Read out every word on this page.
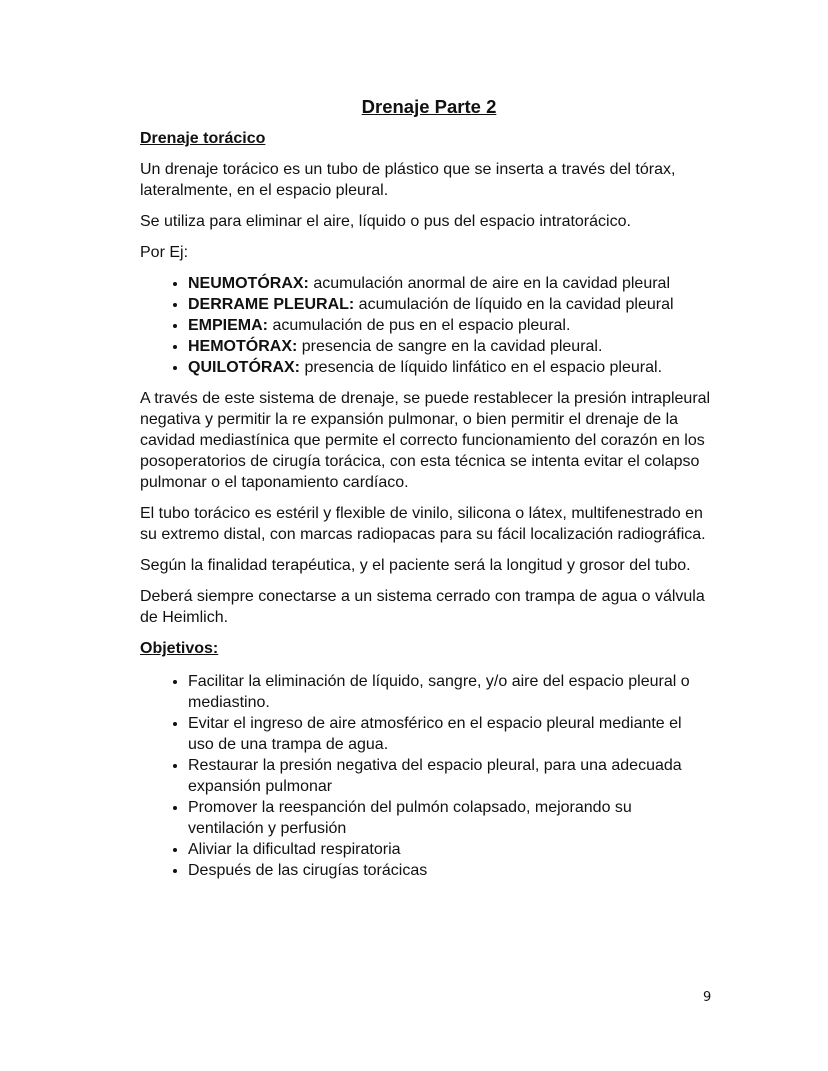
Drenaje Parte 2
Drenaje torácico

Un drenaje torácico es un tubo de plástico que se inserta a través del tórax, lateralmente, en el espacio pleural.

Se utiliza para eliminar el aire, líquido o pus del espacio intratorácico.

Por Ej:

• NEUMOTÓRAX: acumulación anormal de aire en la cavidad pleural
• DERRAME PLEURAL: acumulación de líquido en la cavidad pleural
• EMPIEMA: acumulación de pus en el espacio pleural.
• HEMOTÓRAX: presencia de sangre en la cavidad pleural.
• QUILOTÓRAX: presencia de líquido linfático en el espacio pleural.

A través de este sistema de drenaje, se puede restablecer la presión intrapleural negativa y permitir la re expansión pulmonar, o bien permitir el drenaje de la cavidad mediastínica que permite el correcto funcionamiento del corazón en los posoperatorios de cirugía torácica, con esta técnica se intenta evitar el colapso pulmonar o el taponamiento cardíaco.

El tubo torácico es estéril y flexible de vinilo, silicona o látex, multifenestrado en su extremo distal, con marcas radiopacas para su fácil localización radiográfica.

Según la finalidad terapéutica, y el paciente será la longitud y grosor del tubo.

Deberá siempre conectarse a un sistema cerrado con trampa de agua o válvula de Heimlich.

Objetivos:
• Facilitar la eliminación de líquido, sangre, y/o aire del espacio pleural o mediastino.
• Evitar el ingreso de aire atmosférico en el espacio pleural mediante el uso de una trampa de agua.
• Restaurar la presión negativa del espacio pleural, para una adecuada expansión pulmonar
• Promover la reespanción del pulmón colapsado, mejorando su ventilación y perfusión
• Aliviar la dificultad respiratoria
• Después de las cirugías torácicas
9
